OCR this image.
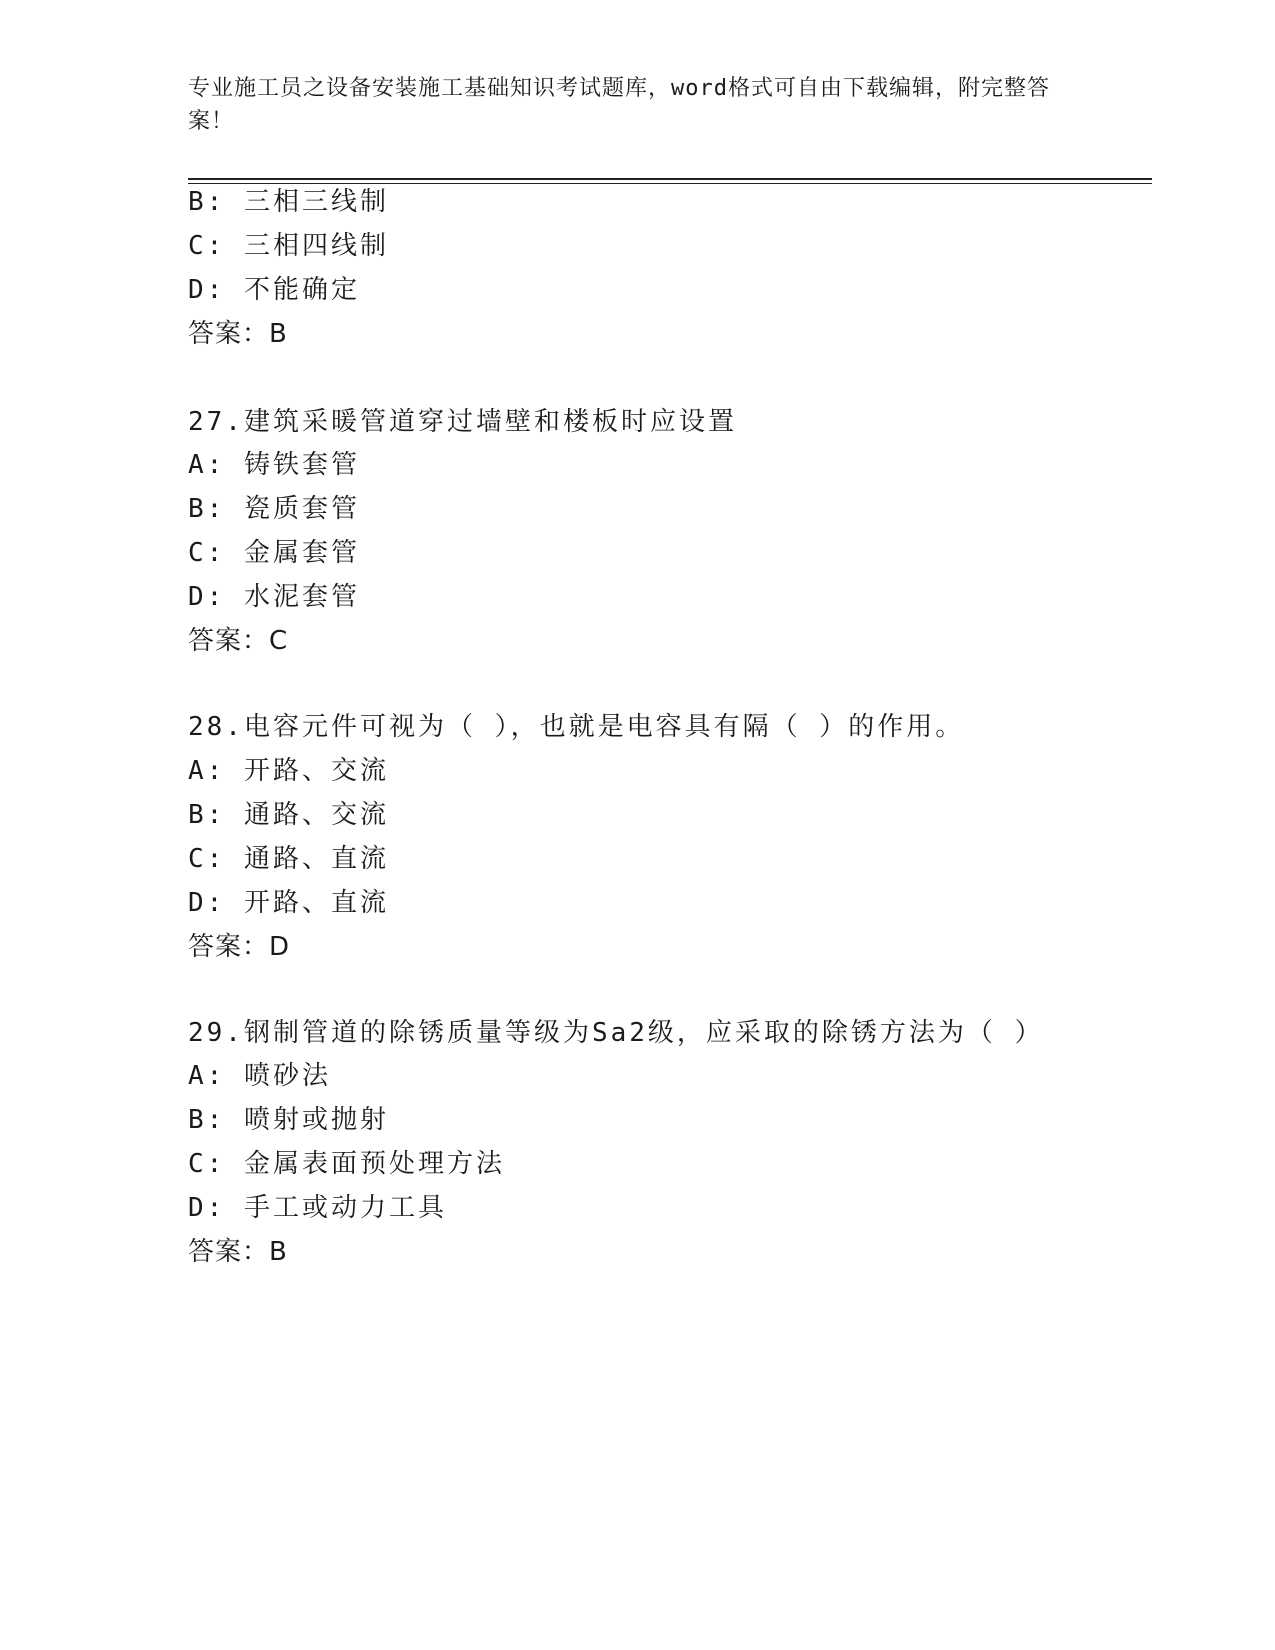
专业施工员之设备安装施工基础知识考试题库，word格式可自由下载编辑，附完整答案！
B: 三相三线制
C: 三相四线制
D: 不能确定
答案：B
27.建筑采暖管道穿过墙壁和楼板时应设置
A: 铸铁套管
B: 瓷质套管
C: 金属套管
D: 水泥套管
答案：C
28.电容元件可视为（ ），也就是电容具有隔（ ）的作用。
A: 开路、交流
B: 通路、交流
C: 通路、直流
D: 开路、直流
答案：D
29.钢制管道的除锈质量等级为Sa2级，应采取的除锈方法为（ ）
A: 喷砂法
B: 喷射或抛射
C: 金属表面预处理方法
D: 手工或动力工具
答案：B
